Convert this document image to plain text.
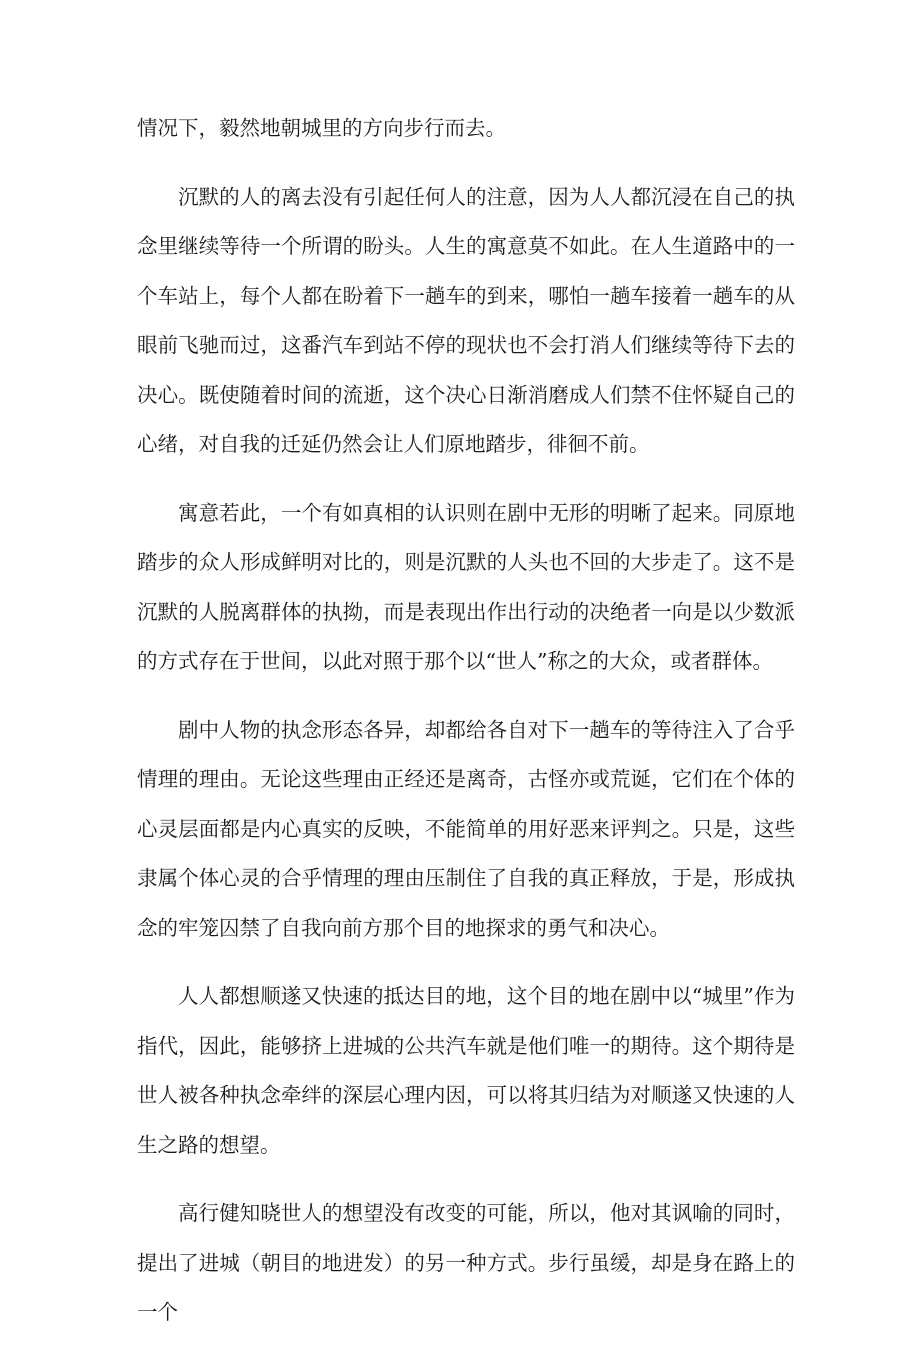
情况下，毅然地朝城里的方向步行而去。

沉默的人的离去没有引起任何人的注意，因为人人都沉浸在自己的执念里继续等待一个所谓的盼头。人生的寓意莫不如此。在人生道路中的一个车站上，每个人都在盼着下一趟车的到来，哪怕一趟车接着一趟车的从眼前飞驰而过，这番汽车到站不停的现状也不会打消人们继续等待下去的决心。既使随着时间的流逝，这个决心日渐消磨成人们禁不住怀疑自己的心绪，对自我的迁延仍然会让人们原地踏步，徘徊不前。

寓意若此，一个有如真相的认识则在剧中无形的明晰了起来。同原地踏步的众人形成鲜明对比的，则是沉默的人头也不回的大步走了。这不是沉默的人脱离群体的执拗，而是表现出作出行动的决绝者一向是以少数派的方式存在于世间，以此对照于那个以“世人”称之的大众，或者群体。

剧中人物的执念形态各异，却都给各自对下一趟车的等待注入了合乎情理的理由。无论这些理由正经还是离奇，古怪亦或荒诞，它们在个体的心灵层面都是内心真实的反映，不能简单的用好恶来评判之。只是，这些隶属个体心灵的合乎情理的理由压制住了自我的真正释放，于是，形成执念的牢笼囚禁了自我向前方那个目的地探求的勇气和决心。

人人都想顺遂又快速的抵达目的地，这个目的地在剧中以“城里”作为指代，因此，能够挤上进城的公共汽车就是他们唯一的期待。这个期待是世人被各种执念牵绊的深层心理内因，可以将其归结为对顺遂又快速的人生之路的想望。

高行健知晓世人的想望没有改变的可能，所以，他对其讽喻的同时，提出了进城（朝目的地进发）的另一种方式。步行虽缓，却是身在路上的一个
